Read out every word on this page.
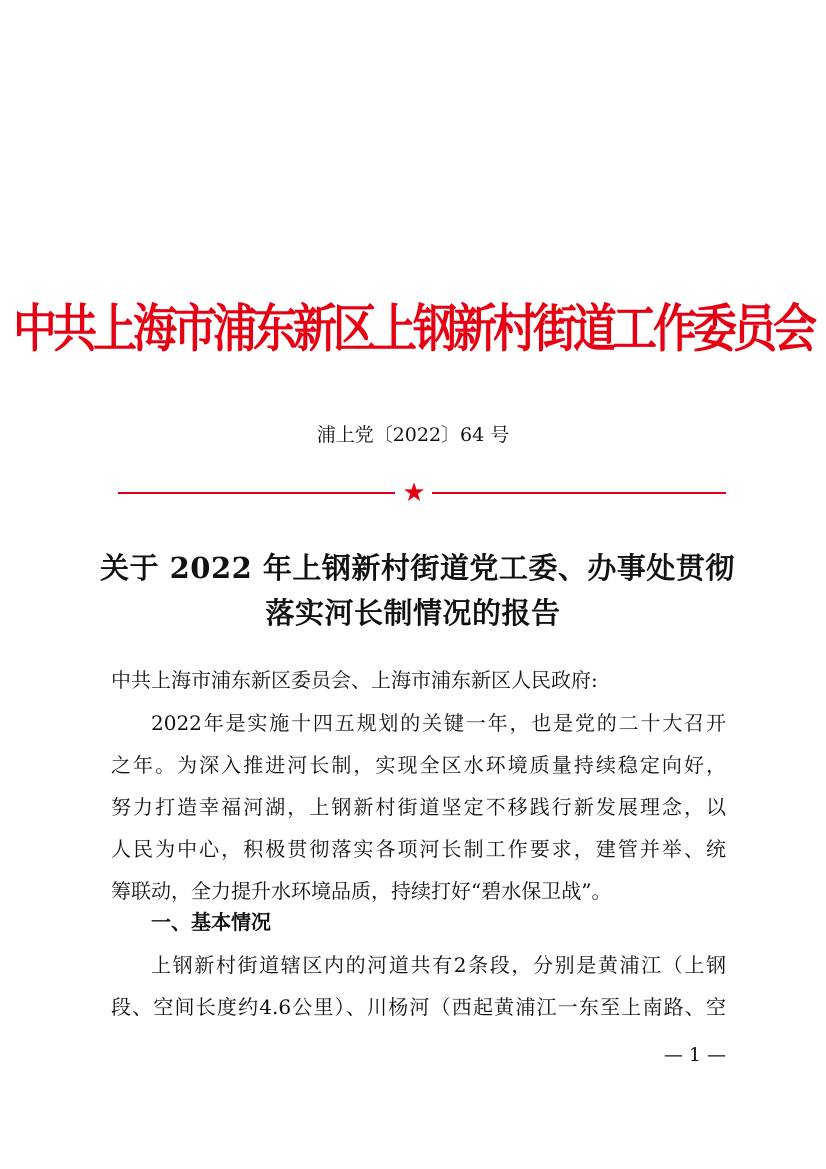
中共上海市浦东新区上钢新村街道工作委员会
浦上党〔2022〕64 号
★
关于 2022 年上钢新村街道党工委、办事处贯彻
落实河长制情况的报告
中共上海市浦东新区委员会、上海市浦东新区人民政府:
2022年是实施十四五规划的关键一年，也是党的二十大召开
之年。为深入推进河长制，实现全区水环境质量持续稳定向好，
努力打造幸福河湖，上钢新村街道坚定不移践行新发展理念，以
人民为中心，积极贯彻落实各项河长制工作要求，建管并举、统
筹联动，全力提升水环境品质，持续打好“碧水保卫战”。
一、基本情况
上钢新村街道辖区内的河道共有2条段，分别是黄浦江（上钢
段、空间长度约4.6公里）、川杨河（西起黄浦江一东至上南路、空
— 1 —
